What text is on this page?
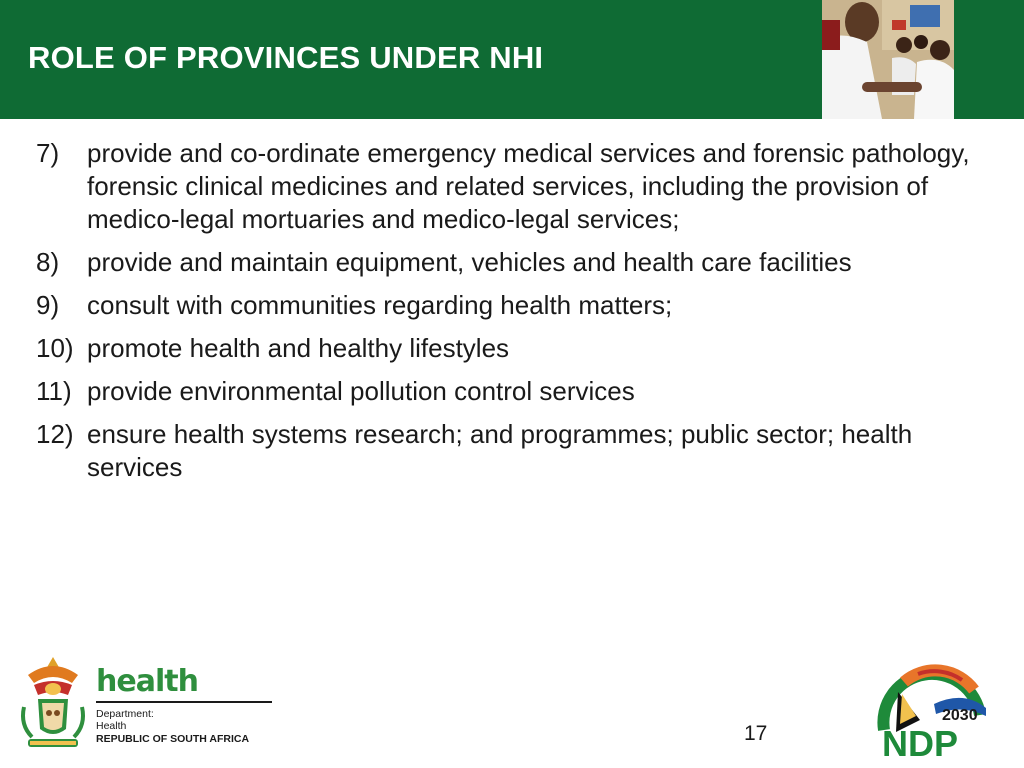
ROLE OF PROVINCES UNDER NHI
7)	provide and co-ordinate emergency medical services and forensic pathology, forensic clinical medicines and related services, including the provision of medico-legal mortuaries and medico-legal services;
8)	provide and maintain equipment, vehicles and health care facilities
9)	consult with communities regarding health matters;
10) promote health and healthy lifestyles
11) provide environmental pollution control services
12) ensure health systems research; and programmes; public sector; health services
health
Department:
Health
REPUBLIC OF SOUTH AFRICA	17
2030
NDP
